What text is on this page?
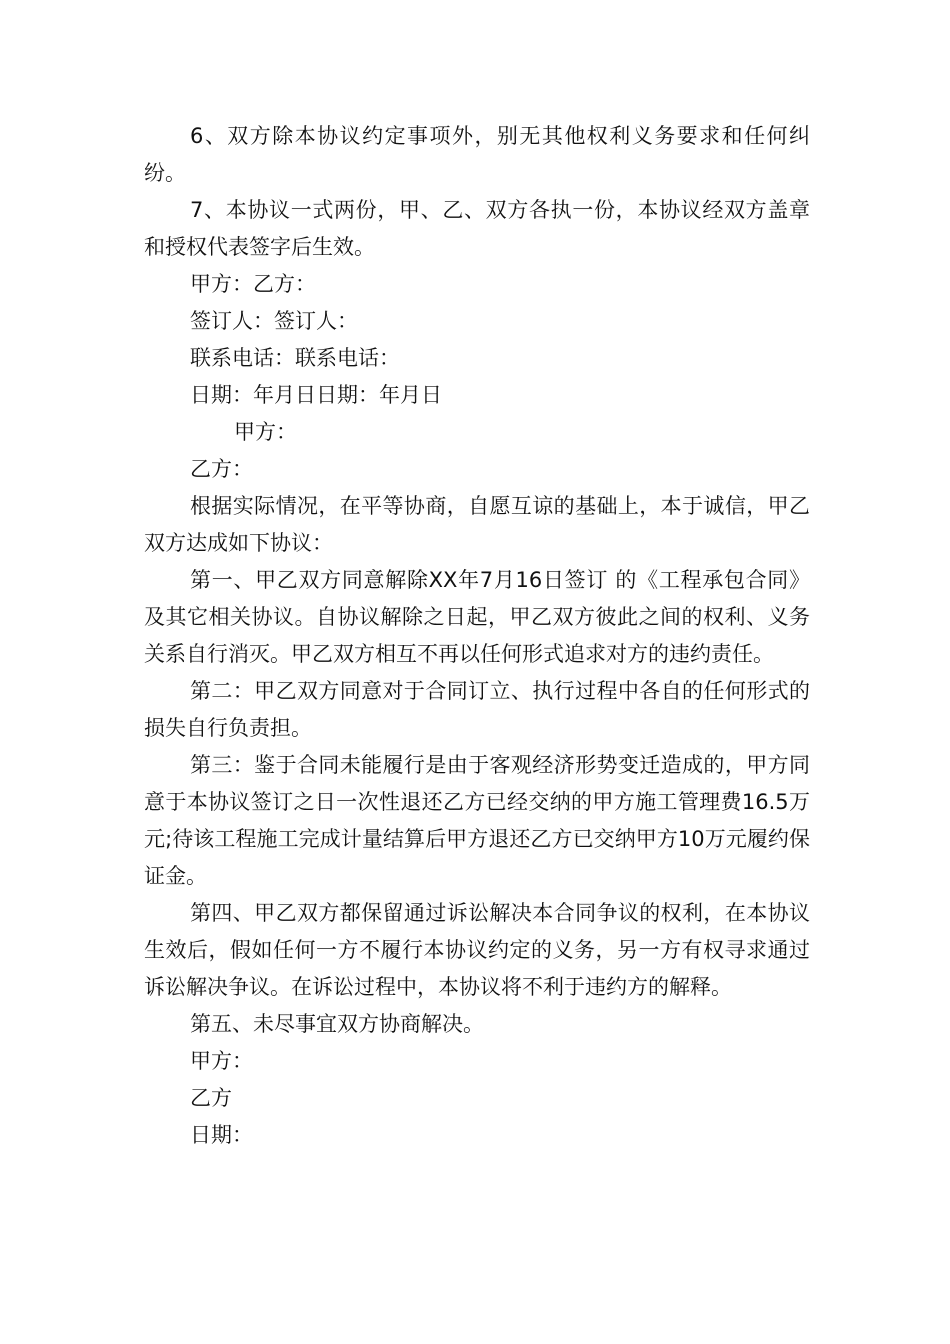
6、双方除本协议约定事项外，别无其他权利义务要求和任何纠纷。

7、本协议一式两份，甲、乙、双方各执一份，本协议经双方盖章和授权代表签字后生效。

甲方：乙方：

签订人：签订人：

联系电话：联系电话：

日期：年月日日期：年月日

甲方：

乙方：

根据实际情况，在平等协商，自愿互谅的基础上，本于诚信，甲乙双方达成如下协议：

第一、甲乙双方同意解除XX年7月16日签订 的《工程承包合同》及其它相关协议。自协议解除之日起，甲乙双方彼此之间的权利、义务关系自行消灭。甲乙双方相互不再以任何形式追求对方的违约责任。

第二：甲乙双方同意对于合同订立、执行过程中各自的任何形式的损失自行负责担。

第三：鉴于合同未能履行是由于客观经济形势变迁造成的，甲方同意于本协议签订之日一次性退还乙方已经交纳的甲方施工管理费16.5万元;待该工程施工完成计量结算后甲方退还乙方已交纳甲方10万元履约保证金。

第四、甲乙双方都保留通过诉讼解决本合同争议的权利，在本协议生效后，假如任何一方不履行本协议约定的义务，另一方有权寻求通过诉讼解决争议。在诉讼过程中，本协议将不利于违约方的解释。

第五、未尽事宜双方协商解决。

甲方：

乙方

日期：
